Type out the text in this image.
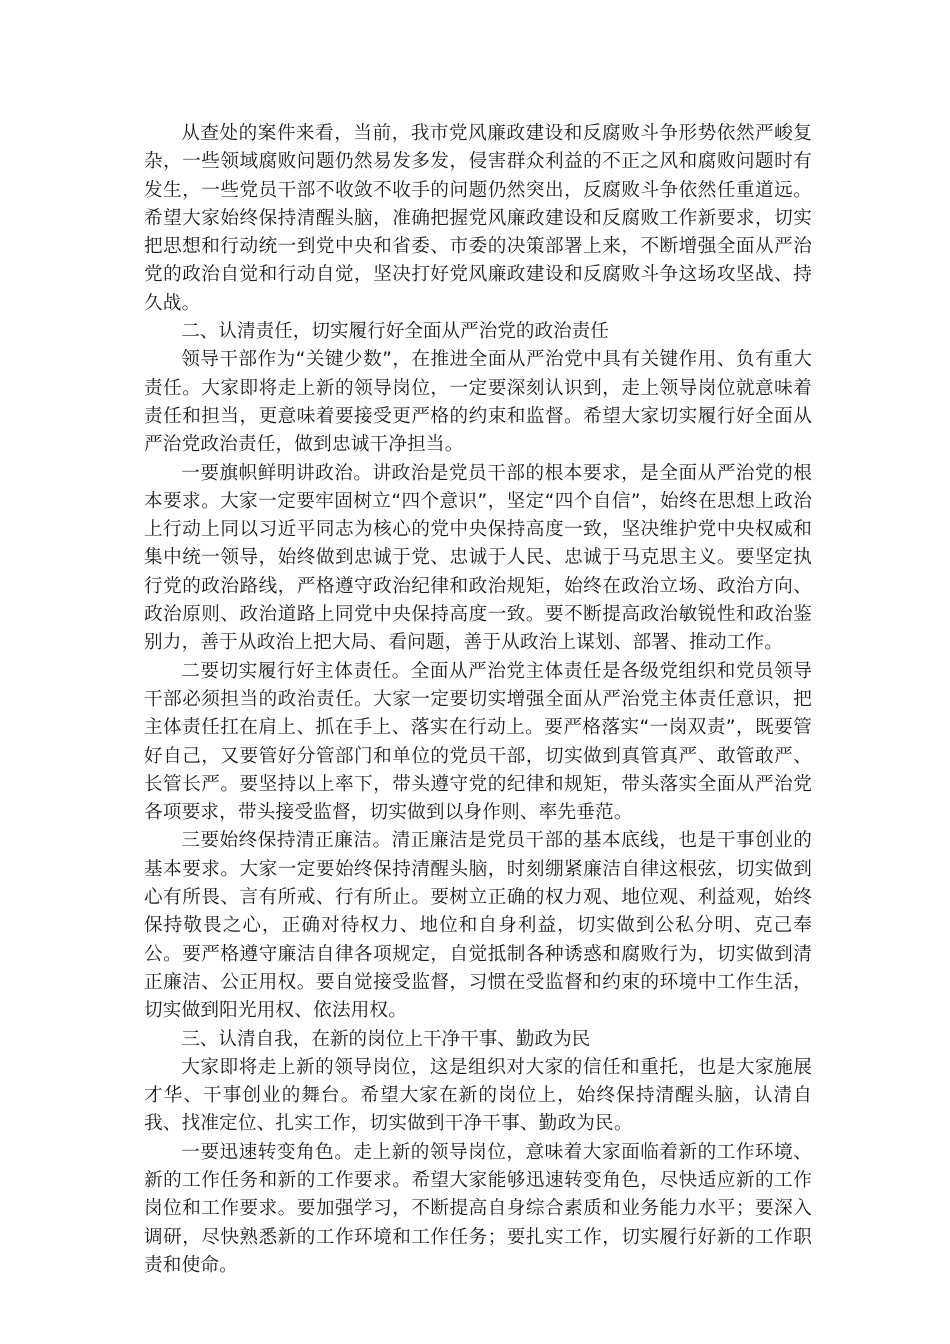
从查处的案件来看，当前，我市党风廉政建设和反腐败斗争形势依然严峻复杂，一些领域腐败问题仍然易发多发，侵害群众利益的不正之风和腐败问题时有发生，一些党员干部不收敛不收手的问题仍然突出，反腐败斗争依然任重道远。希望大家始终保持清醒头脑，准确把握党风廉政建设和反腐败工作新要求，切实把思想和行动统一到党中央和省委、市委的决策部署上来，不断增强全面从严治党的政治自觉和行动自觉，坚决打好党风廉政建设和反腐败斗争这场攻坚战、持久战。

二、认清责任，切实履行好全面从严治党的政治责任

领导干部作为“关键少数”，在推进全面从严治党中具有关键作用、负有重大责任。大家即将走上新的领导岗位，一定要深刻认识到，走上领导岗位就意味着责任和担当，更意味着要接受更严格的约束和监督。希望大家切实履行好全面从严治党政治责任，做到忠诚干净担当。

一要旗帜鲜明讲政治。讲政治是党员干部的根本要求，是全面从严治党的根本要求。大家一定要牢固树立“四个意识”，坚定“四个自信”，始终在思想上政治上行动上同以习近平同志为核心的党中央保持高度一致，坚决维护党中央权威和集中统一领导，始终做到忠诚于党、忠诚于人民、忠诚于马克思主义。要坚定执行党的政治路线，严格遵守政治纪律和政治规矩，始终在政治立场、政治方向、政治原则、政治道路上同党中央保持高度一致。要不断提高政治敏锐性和政治鉴别力，善于从政治上把大局、看问题，善于从政治上谋划、部署、推动工作。

二要切实履行好主体责任。全面从严治党主体责任是各级党组织和党员领导干部必须担当的政治责任。大家一定要切实增强全面从严治党主体责任意识，把主体责任扛在肩上、抓在手上、落实在行动上。要严格落实“一岗双责”，既要管好自己，又要管好分管部门和单位的党员干部，切实做到真管真严、敢管敢严、长管长严。要坚持以上率下，带头遵守党的纪律和规矩，带头落实全面从严治党各项要求，带头接受监督，切实做到以身作则、率先垂范。

三要始终保持清正廉洁。清正廉洁是党员干部的基本底线，也是干事创业的基本要求。大家一定要始终保持清醒头脑，时刻绷紧廉洁自律这根弦，切实做到心有所畏、言有所戒、行有所止。要树立正确的权力观、地位观、利益观，始终保持敬畏之心，正确对待权力、地位和自身利益，切实做到公私分明、克己奉公。要严格遵守廉洁自律各项规定，自觉抵制各种诱惑和腐败行为，切实做到清正廉洁、公正用权。要自觉接受监督，习惯在受监督和约束的环境中工作生活，切实做到阳光用权、依法用权。

三、认清自我，在新的岗位上干净干事、勤政为民

大家即将走上新的领导岗位，这是组织对大家的信任和重托，也是大家施展才华、干事创业的舞台。希望大家在新的岗位上，始终保持清醒头脑，认清自我、找准定位、扎实工作，切实做到干净干事、勤政为民。

一要迅速转变角色。走上新的领导岗位，意味着大家面临着新的工作环境、新的工作任务和新的工作要求。希望大家能够迅速转变角色，尽快适应新的工作岗位和工作要求。要加强学习，不断提高自身综合素质和业务能力水平；要深入调研，尽快熟悉新的工作环境和工作任务；要扎实工作，切实履行好新的工作职责和使命。
